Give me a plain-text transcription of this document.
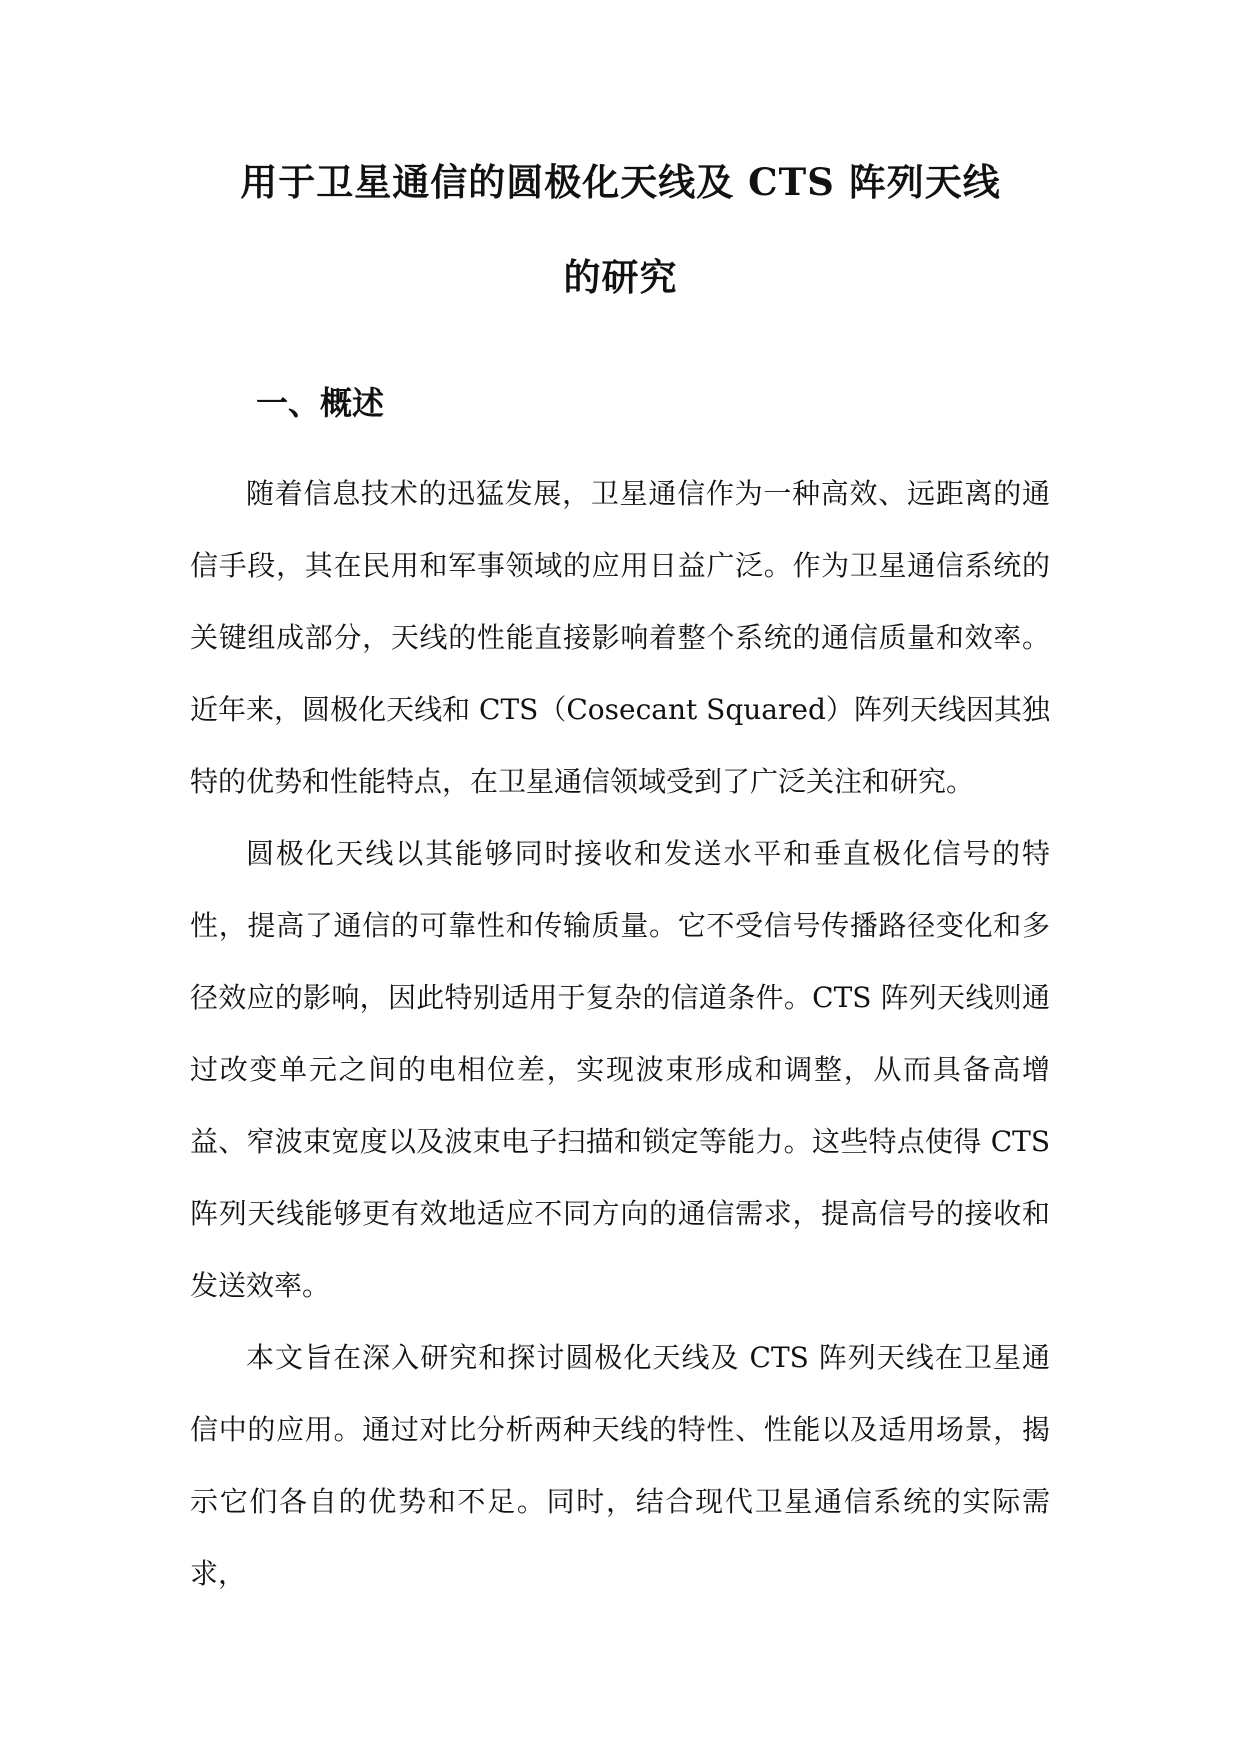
用于卫星通信的圆极化天线及 CTS 阵列天线
的研究
一、概述

随着信息技术的迅猛发展，卫星通信作为一种高效、远距离的通信手段，其在民用和军事领域的应用日益广泛。作为卫星通信系统的关键组成部分，天线的性能直接影响着整个系统的通信质量和效率。近年来，圆极化天线和 CTS（Cosecant Squared）阵列天线因其独特的优势和性能特点，在卫星通信领域受到了广泛关注和研究。

圆极化天线以其能够同时接收和发送水平和垂直极化信号的特性，提高了通信的可靠性和传输质量。它不受信号传播路径变化和多径效应的影响，因此特别适用于复杂的信道条件。CTS 阵列天线则通过改变单元之间的电相位差，实现波束形成和调整，从而具备高增益、窄波束宽度以及波束电子扫描和锁定等能力。这些特点使得 CTS 阵列天线能够更有效地适应不同方向的通信需求，提高信号的接收和发送效率。

本文旨在深入研究和探讨圆极化天线及 CTS 阵列天线在卫星通信中的应用。通过对比分析两种天线的特性、性能以及适用场景，揭示它们各自的优势和不足。同时，结合现代卫星通信系统的实际需求，
